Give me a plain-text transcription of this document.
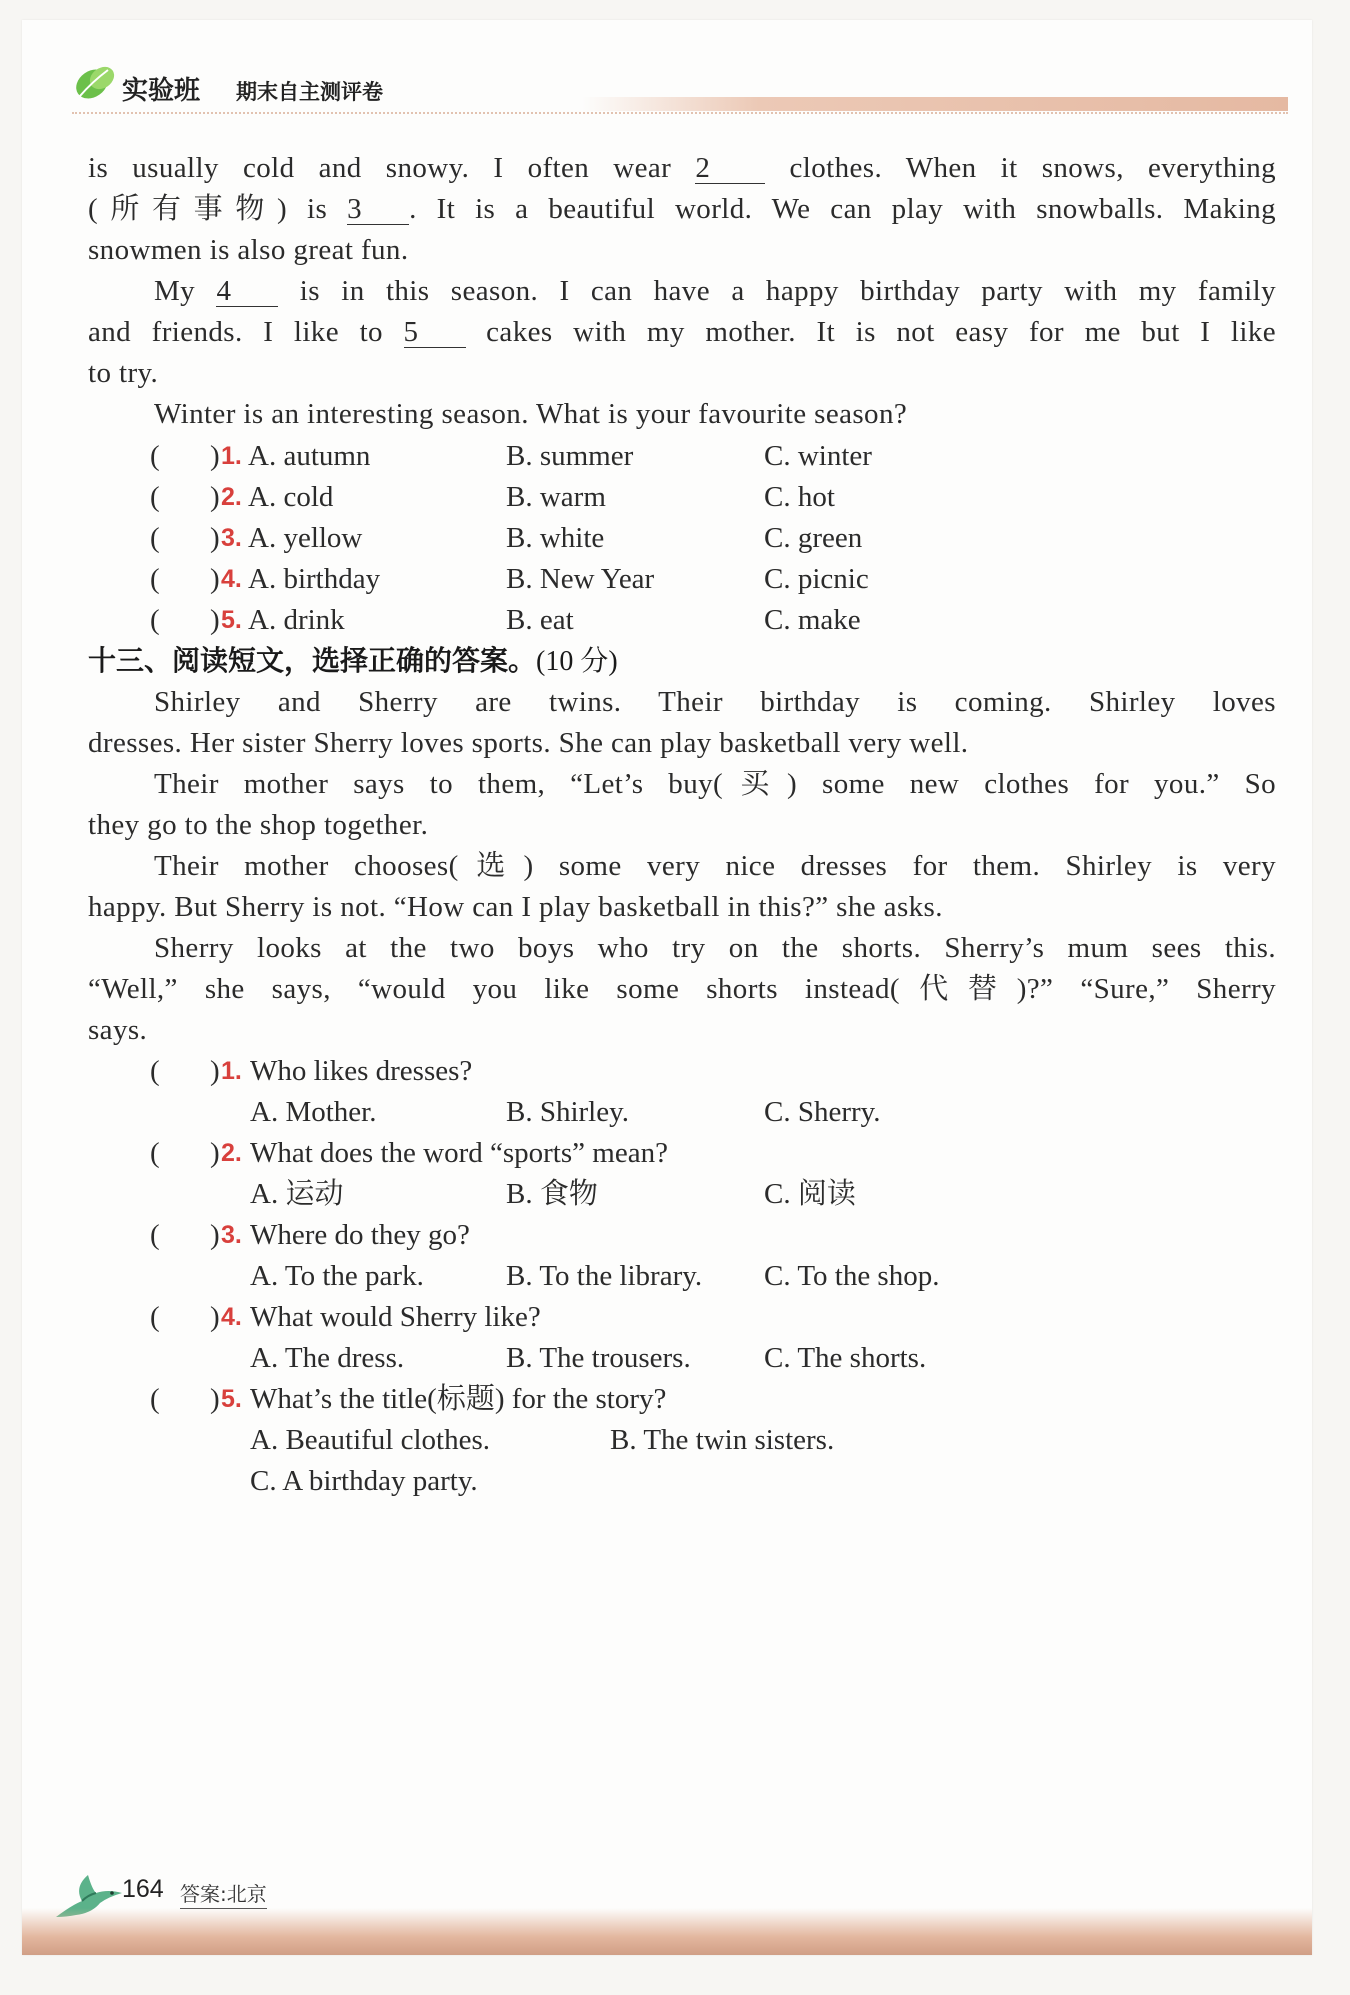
实验班 期末自主测评卷
is usually cold and snowy. I often wear 2	clothes. When it snows, everything
(所有事物) is 3 . It is a beautiful world. We can play with snowballs. Making
snowmen is also great fun.
My 4 is in this season. I can have a happy birthday party with my family
and friends. I like to 5 cakes with my mother. It is not easy for me but I like
to try.
Winter is an interesting season. What is your favourite season?
( ) 1. A. autumn	B. summer	C. winter
( ) 2. A. cold	B. warm	C. hot
( ) 3. A. yellow	B. white	C. green
( ) 4. A. birthday	B. New Year	C. picnic
( ) 5. A. drink	B. eat	C. make
十三、阅读短文，选择正确的答案。(10 分)
Shirley and Sherry are twins. Their birthday is coming. Shirley loves
dresses. Her sister Sherry loves sports. She can play basketball very well.
Their mother says to them, “Let’s buy(买) some new clothes for you.” So
they go to the shop together.
Their mother chooses(选) some very nice dresses for them. Shirley is very
happy. But Sherry is not. “How can I play basketball in this?” she asks.
Sherry looks at the two boys who try on the shorts. Sherry’s mum sees this.
“Well,” she says, “would you like some shorts instead(代替)?” “Sure,” Sherry
says.
( ) 1. Who likes dresses?
A. Mother.	B. Shirley.	C. Sherry.
( ) 2. What does the word “sports” mean?
A. 运动	B. 食物	C. 阅读
( ) 3. Where do they go?
A. To the park.	B. To the library. C. To the shop.
( ) 4. What would Sherry like?
A. The dress.	B. The trousers.	C. The shorts.
( ) 5. What’s the title(标题) for the story?
A. Beautiful clothes.	B. The twin sisters.
C. A birthday party.
164 答案:北京
